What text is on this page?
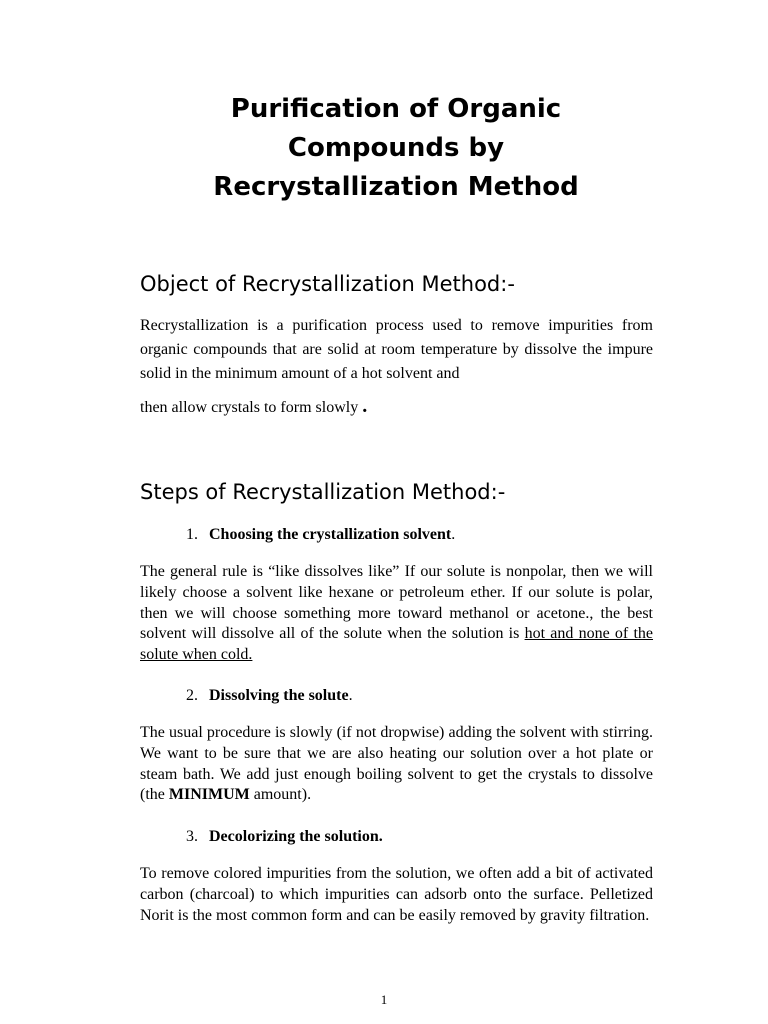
Purification of Organic
Compounds by
Recrystallization Method
Object of Recrystallization Method:-
Recrystallization is a purification process used to remove impurities from organic compounds that are solid at room temperature by dissolve the impure solid in the minimum amount of a hot solvent and
then allow crystals to form slowly .
Steps of Recrystallization Method:-
1. Choosing the crystallization solvent.
The general rule is “like dissolves like” If our solute is nonpolar, then we will likely choose a solvent like hexane or petroleum ether. If our solute is polar, then we will choose something more toward methanol or acetone., the best solvent will dissolve all of the solute when the solution is hot and none of the solute when cold.
2. Dissolving the solute.
The usual procedure is slowly (if not dropwise) adding the solvent with stirring. We want to be sure that we are also heating our solution over a hot plate or steam bath. We add just enough boiling solvent to get the crystals to dissolve (the MINIMUM amount).
3. Decolorizing the solution.
To remove colored impurities from the solution, we often add a bit of activated carbon (charcoal) to which impurities can adsorb onto the surface. Pelletized Norit is the most common form and can be easily removed by gravity filtration.
1
